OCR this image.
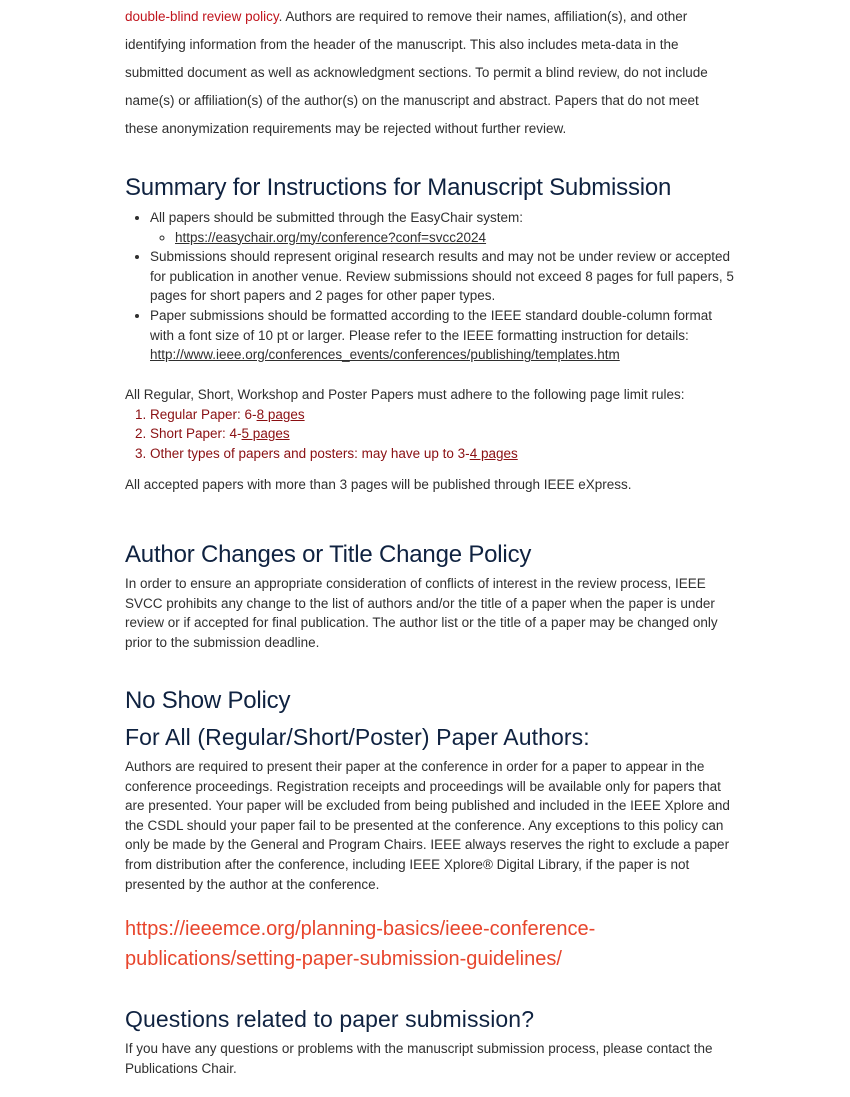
double-blind review policy. Authors are required to remove their names, affiliation(s), and other

identifying information from the header of the manuscript. This also includes meta-data in the

submitted document as well as acknowledgment sections. To permit a blind review, do not include

name(s) or affiliation(s) of the author(s) on the manuscript and abstract. Papers that do not meet

these anonymization requirements may be rejected without further review.

Summary for Instructions for Manuscript Submission
• All papers should be submitted through the EasyChair system:
◦ https://easychair.org/my/conference?conf=svcc2024
• Submissions should represent original research results and may not be under review or accepted for publication in another venue. Review submissions should not exceed 8 pages for full papers, 5 pages for short papers and 2 pages for other paper types.
• Paper submissions should be formatted according to the IEEE standard double-column format with a font size of 10 pt or larger. Please refer to the IEEE formatting instruction for details: http://www.ieee.org/conferences_events/conferences/publishing/templates.htm

All Regular, Short, Workshop and Poster Papers must adhere to the following page limit rules:

1. Regular Paper: 6-8 pages
2. Short Paper: 4-5 pages
3. Other types of papers and posters: may have up to 3-4 pages

All accepted papers with more than 3 pages will be published through IEEE eXpress.

Author Changes or Title Change Policy

In order to ensure an appropriate consideration of conflicts of interest in the review process, IEEE SVCC prohibits any change to the list of authors and/or the title of a paper when the paper is under review or if accepted for final publication. The author list or the title of a paper may be changed only prior to the submission deadline.

No Show Policy
For All (Regular/Short/Poster) Paper Authors:

Authors are required to present their paper at the conference in order for a paper to appear in the conference proceedings. Registration receipts and proceedings will be available only for papers that are presented. Your paper will be excluded from being published and included in the IEEE Xplore and the CSDL should your paper fail to be presented at the conference. Any exceptions to this policy can only be made by the General and Program Chairs. IEEE always reserves the right to exclude a paper from distribution after the conference, including IEEE Xplore® Digital Library, if the paper is not presented by the author at the conference.

https://ieeemce.org/planning-basics/ieee-conference-

publications/setting-paper-submission-guidelines/

Questions related to paper submission?

If you have any questions or problems with the manuscript submission process, please contact the Publications Chair.
